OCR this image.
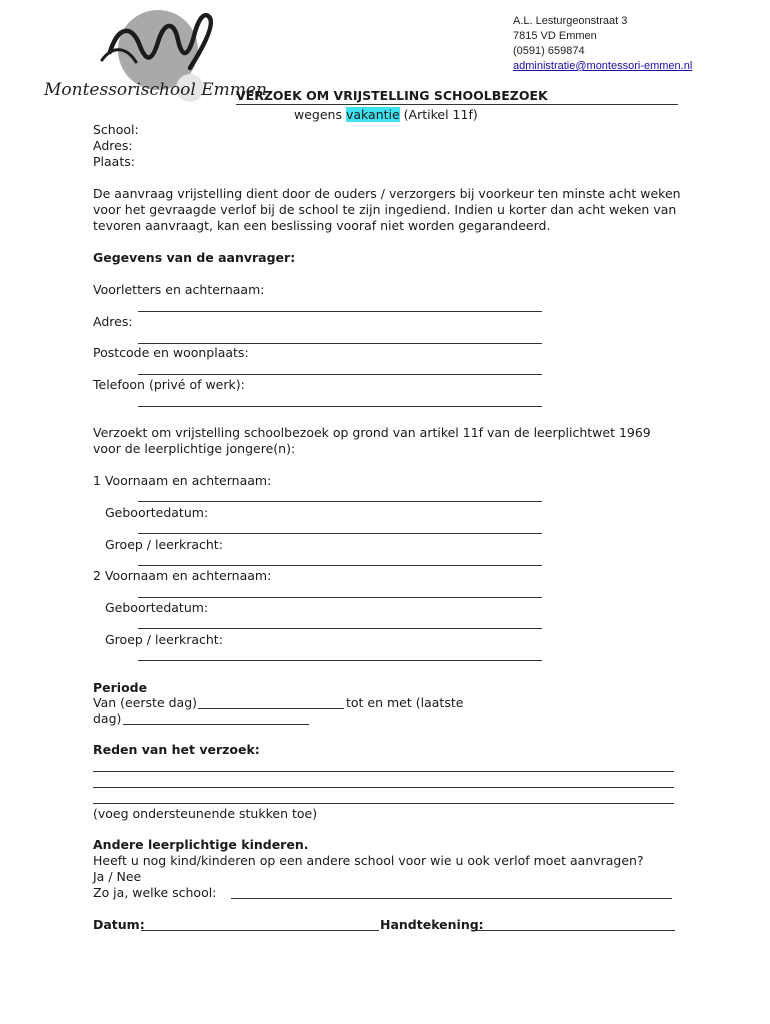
Montessorischool Emmen
A.L. Lesturgeonstraat 3
7815 VD Emmen
(0591) 659874
administratie@montessori-emmen.nl
VERZOEK OM VRIJSTELLING SCHOOLBEZOEK
wegens vakantie (Artikel 11f)
School:
Adres:
Plaats:
De aanvraag vrijstelling dient door de ouders / verzorgers bij voorkeur ten minste acht weken
voor het gevraagde verlof bij de school te zijn ingediend. Indien u korter dan acht weken van
tevoren aanvraagt, kan een beslissing vooraf niet worden gegarandeerd.
Gegevens van de aanvrager:
Voorletters en achternaam:
Adres:
Postcode en woonplaats:
Telefoon (privé of werk):
Verzoekt om vrijstelling schoolbezoek op grond van artikel 11f van de leerplichtwet 1969
voor de leerplichtige jongere(n):
1 Voornaam en achternaam:
Geboortedatum:
Groep / leerkracht:
2 Voornaam en achternaam:
Geboortedatum:
Groep / leerkracht:
Periode
Van (eerste dag)	tot en met (laatste
dag)
Reden van het verzoek:
(voeg ondersteunende stukken toe)
Andere leerplichtige kinderen.
Heeft u nog kind/kinderen op een andere school voor wie u ook verlof moet aanvragen?
Ja / Nee
Zo ja, welke school:
Datum:	Handtekening:
